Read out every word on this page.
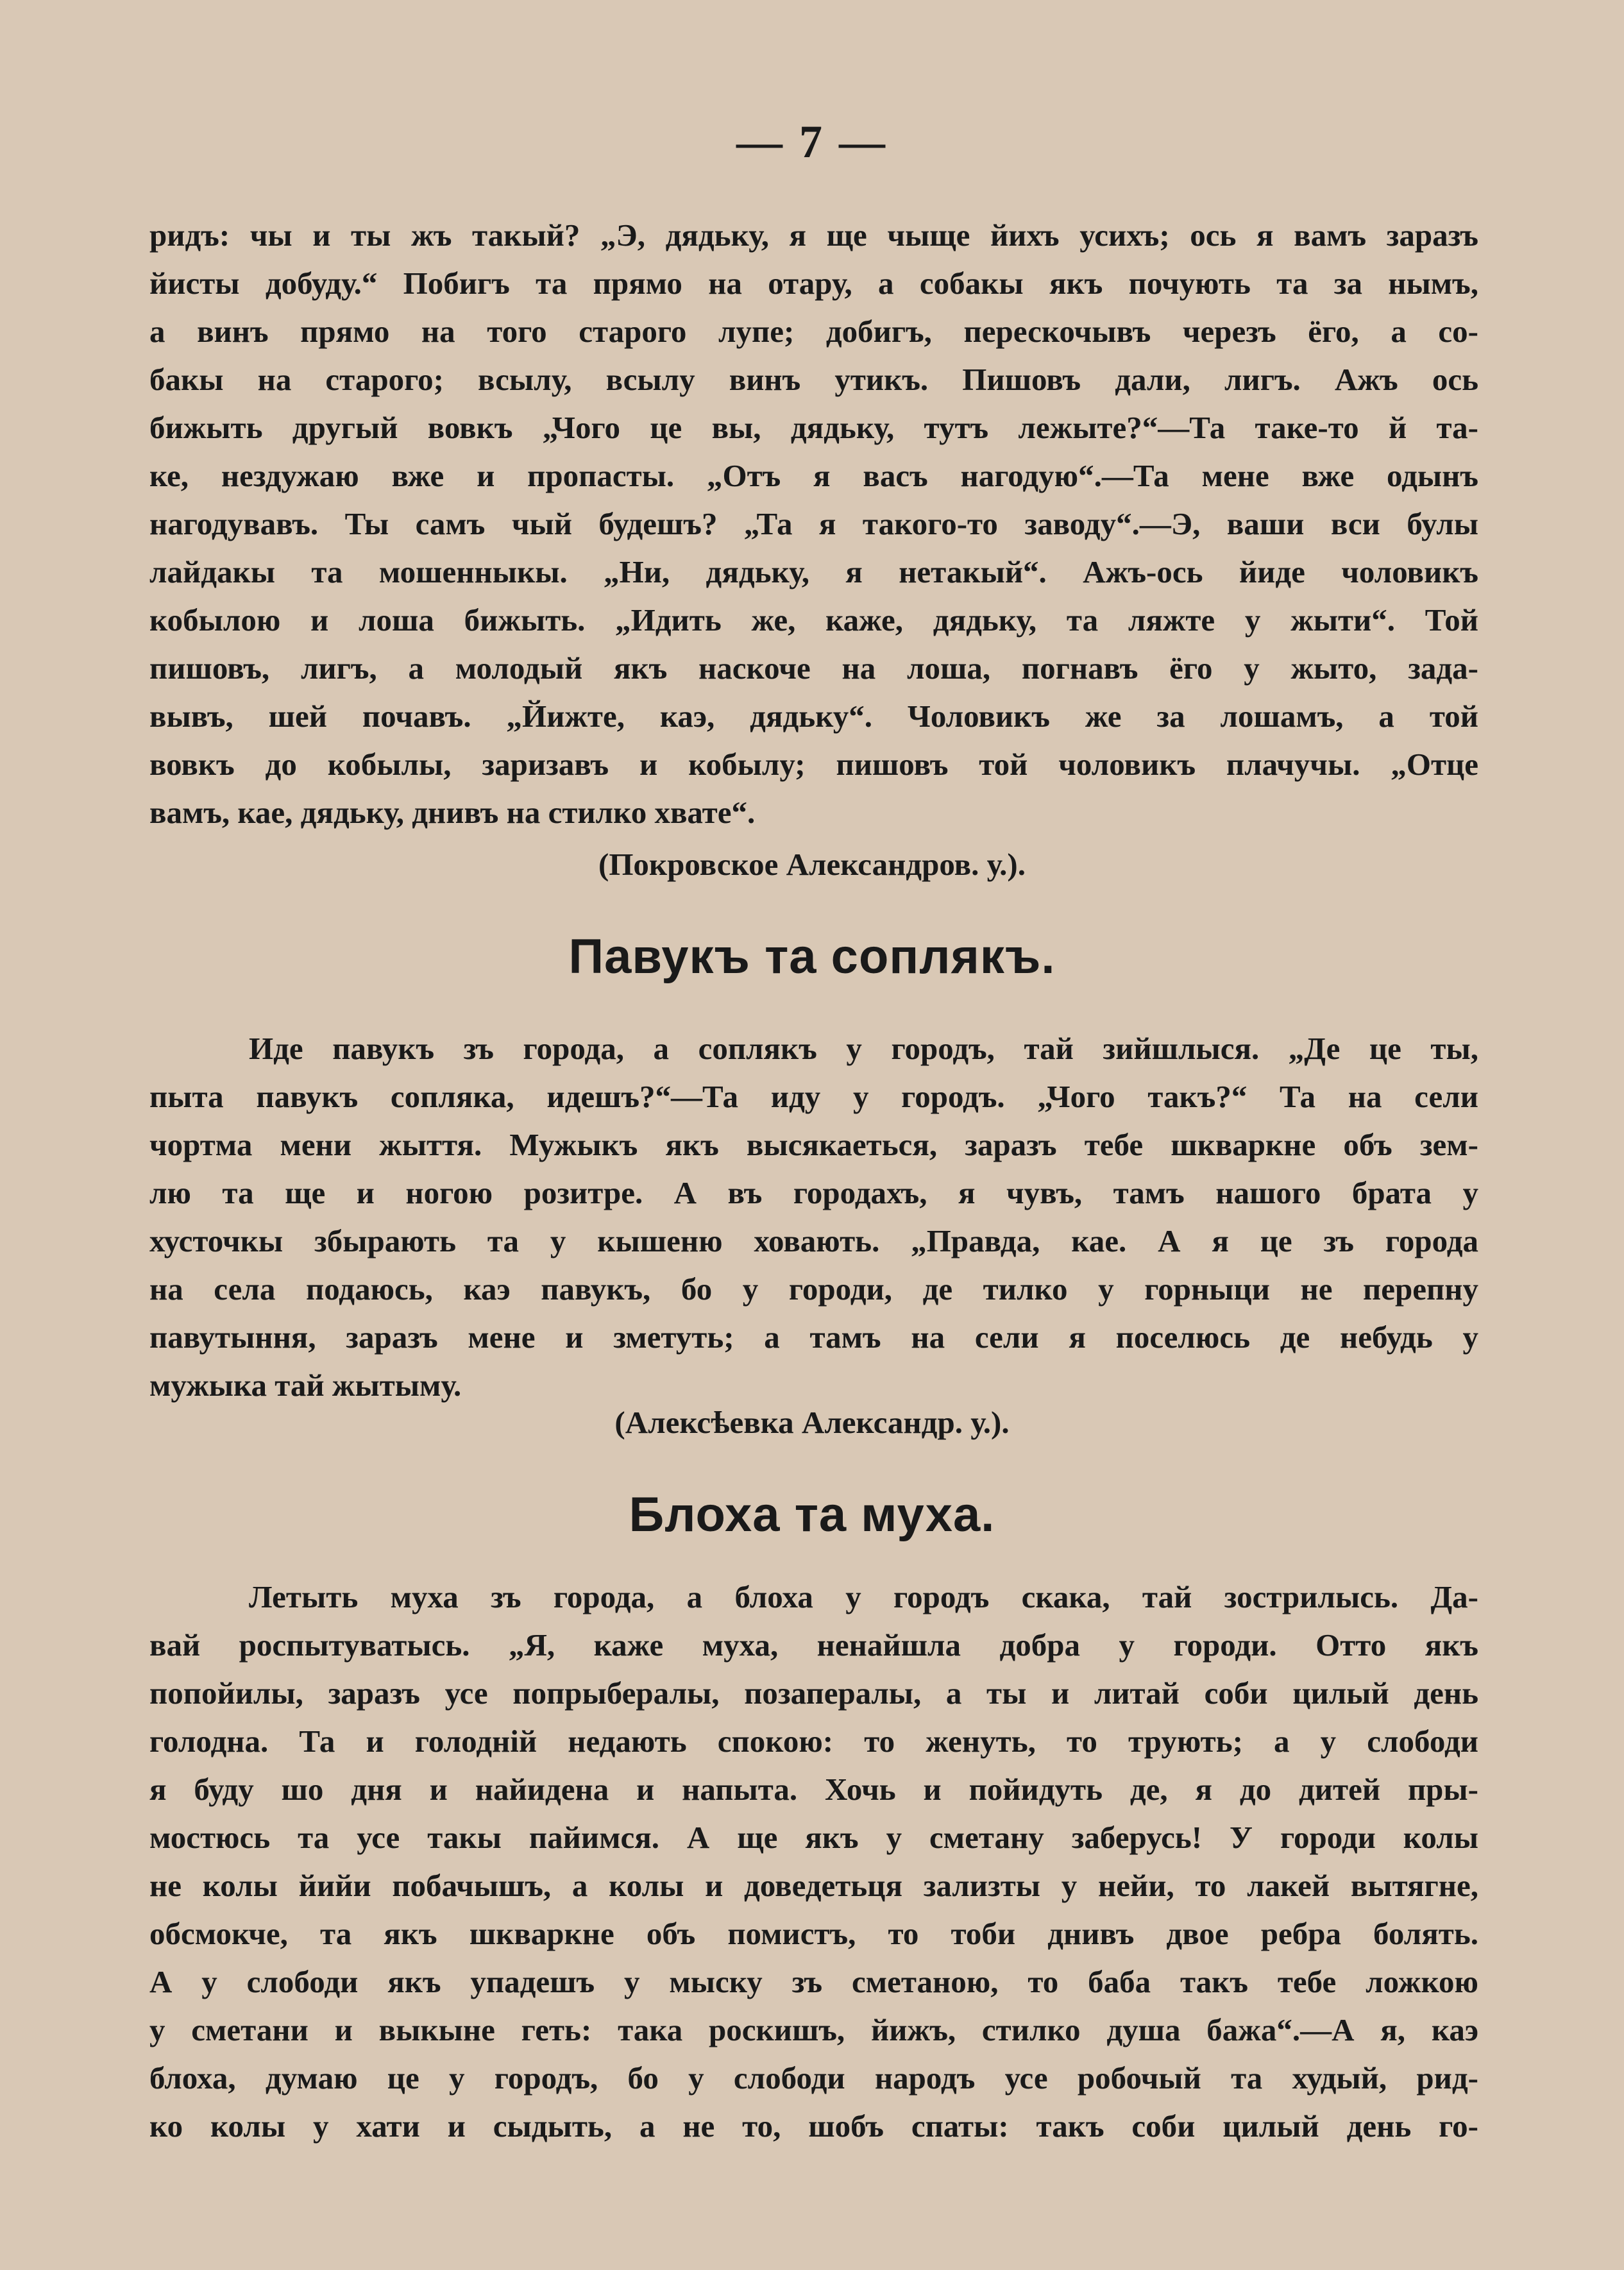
— 7 —
ридъ: чы и ты жъ такый? „Э, дядьку, я ще чыще йихъ усихъ; ось я вамъ заразъ
йисты добуду.“ Побигъ та прямо на отару, а собакы якъ почують та за нымъ,
а винъ прямо на того старого лупе; добигъ, перескочывъ черезъ ёго, а со-
бакы на старого; всылу, всылу винъ утикъ. Пишовъ дали, лигъ. Ажъ ось
бижыть другый вовкъ „Чого це вы, дядьку, тутъ лежыте?“—Та таке-то й та-
ке, нездужаю вже и пропасты. „Отъ я васъ нагодую“.—Та мене вже одынъ
нагодувавъ. Ты самъ чый будешъ? „Та я такого-то заводу“.—Э, ваши вси булы
лайдакы та мошенныкы. „Ни, дядьку, я нетакый“. Ажъ-ось йиде чоловикъ
кобылою и лоша бижыть. „Идить же, каже, дядьку, та ляжте у жыти“. Той
пишовъ, лигъ, а молодый якъ наскоче на лоша, погнавъ ёго у жыто, зада-
вывъ, шей почавъ. „Йижте, каэ, дядьку“. Чоловикъ же за лошамъ, а той
вовкъ до кобылы, заризавъ и кобылу; пишовъ той чоловикъ плачучы. „Отце
вамъ, кае, дядьку, днивъ на стилко хвате“.
(Покровское Александров. у.).
Павукъ та сoплякъ.
Иде павукъ зъ города, а сoплякъ у городъ, тай зийшлыся. „Де це ты,
пыта павукъ сопляка, идешъ?“—Та иду у городъ. „Чого такъ?“ Та на сели
чортма мени жыття. Мужыкъ якъ высякаеться, заразъ тебе шкваркне объ зем-
лю та ще и ногою розитре. А въ городахъ, я чувъ, тамъ нашого брата у
хусточкы збырають та у кышеню ховають. „Правда, кае. А я це зъ города
на села подаюсь, каэ павукъ, бо у городи, де тилко у горныци не перепну
павутыння, заразъ мене и зметуть; а тамъ на сели я поселюсь де небудь у
мужыка тай жытыму.
(Алексѣевка Александр. у.).
Блоха та муха.
Летыть муха зъ города, а блоха у городъ скака, тай зострилысь. Да-
вай роспытуватысь. „Я, каже муха, ненайшла добра у городи. Отто якъ
попойилы, заразъ усе попрыбералы, позаперaлы, а ты и литай соби цилый день
голодна. Та и голодній недають спокою: то женуть, то трують; а у слободи
я буду шо дня и найидена и напыта. Хочь и пойидуть де, я до дитей пры-
мостюсь та усе такы пайимся. А ще якъ у сметану заберусь! У городи колы
не колы йийи побачышъ, а колы и доведетьця зализты у нейи, то лакей вытягне,
обсмокче, та якъ шкваркне объ помистъ, то тоби днивъ двое ребра болять.
А у слободи якъ упадешъ у мыску зъ сметаною, то баба такъ тебе ложкою
у сметани и выкыне геть: така роскишъ, йижъ, стилко душа бажа“.—А я, каэ
блоха, думаю це у городъ, бо у слободи народъ усе робочый та худый, рид-
ко колы у хати и сыдыть, а не то, шобъ спаты: такъ соби цилый день го-
